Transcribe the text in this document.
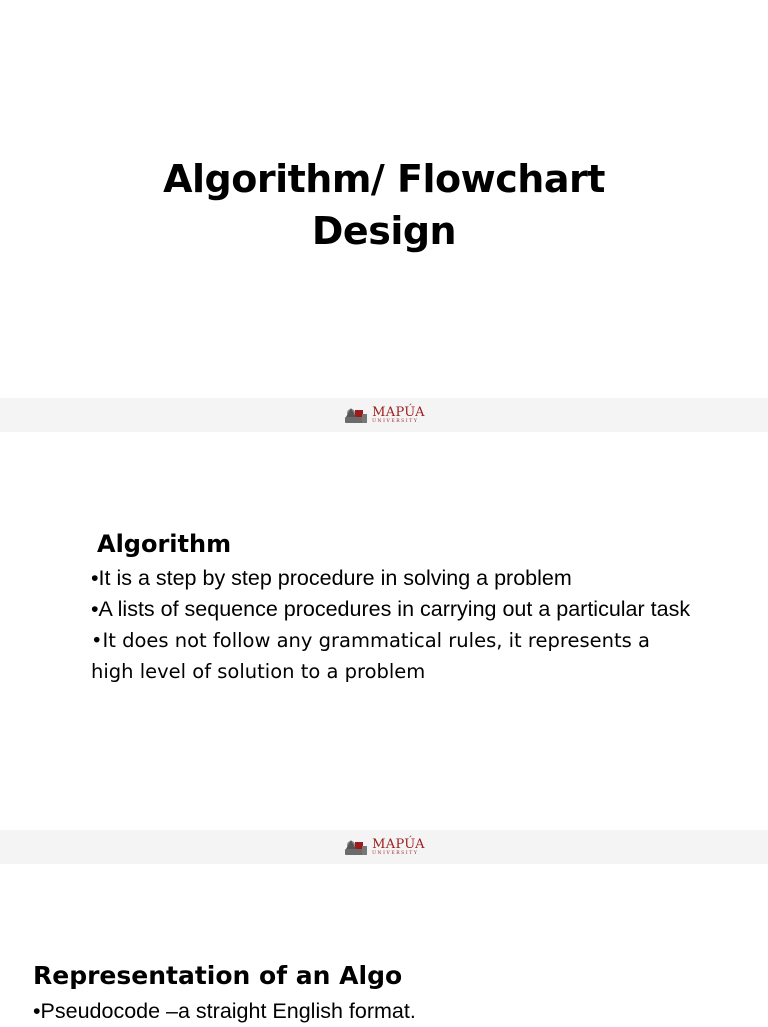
Algorithm/ Flowchart
Design
MAPÚA
UNIVERSITY
Algorithm
•It is a step by step procedure in solving a problem
•A lists of sequence procedures in carrying out a particular task
•It does not follow any grammatical rules, it represents a high level of solution to a problem
MAPÚA
UNIVERSITY
Representation of an Algo
•Pseudocode –a straight English format.
